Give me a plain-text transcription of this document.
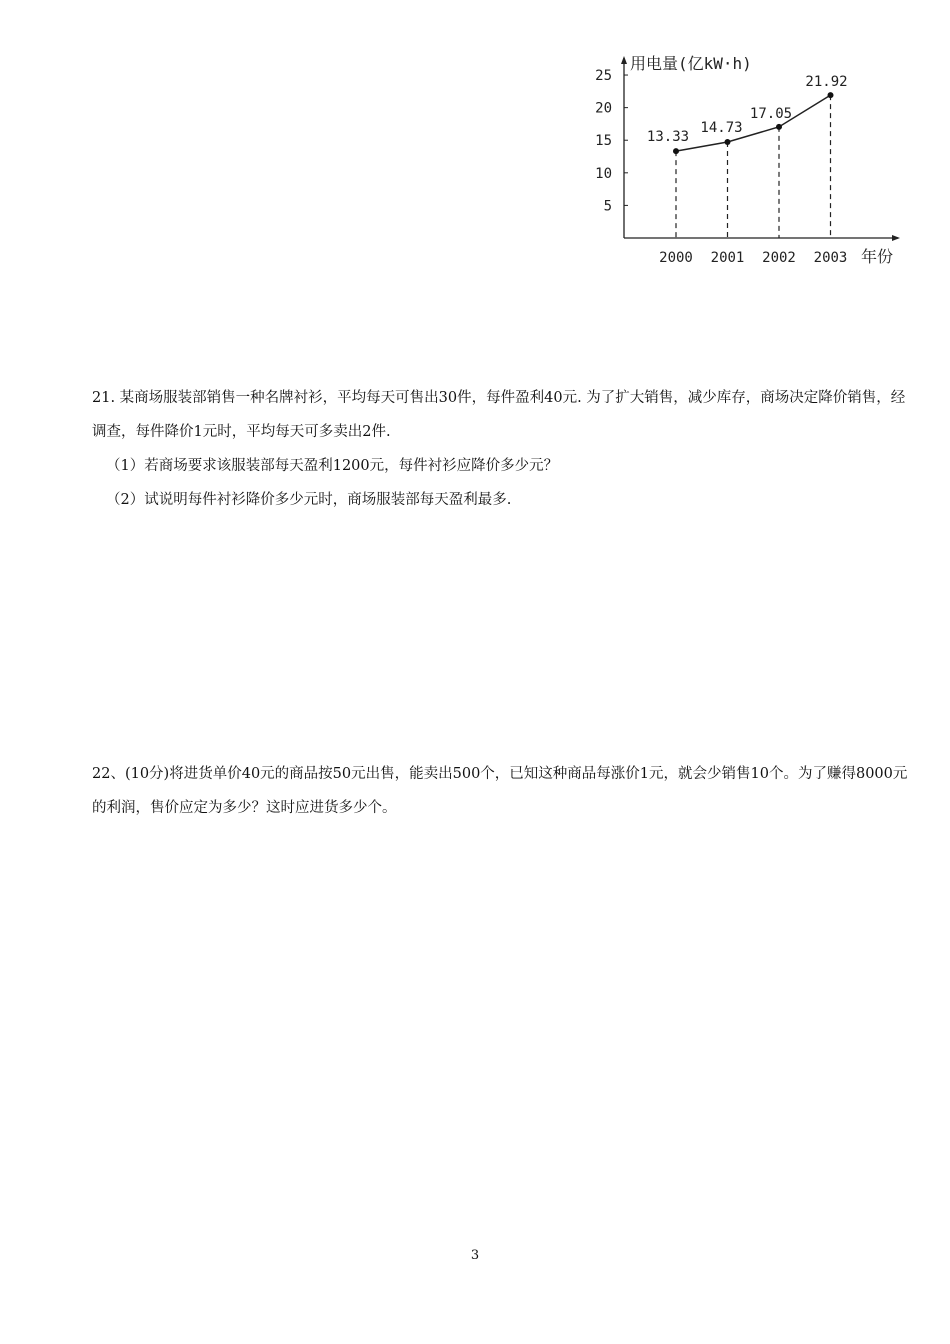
用电量(亿kW·h)
年份
5
10
15
20
25
2000 2001 2002 2003
13.33
14.73
17.05
21.92

21. 某商场服装部销售一种名牌衬衫，平均每天可售出30件，每件盈利40元. 为了扩大销售，减少库存，商场决定降价销售，经调查，每件降价1元时，平均每天可多卖出2件.

（1）若商场要求该服装部每天盈利1200元，每件衬衫应降价多少元？

（2）试说明每件衬衫降价多少元时，商场服装部每天盈利最多.

22、(10分)将进货单价40元的商品按50元出售，能卖出500个，已知这种商品每涨价1元，就会少销售10个。为了赚得8000元的利润，售价应定为多少？这时应进货多少个。

3
